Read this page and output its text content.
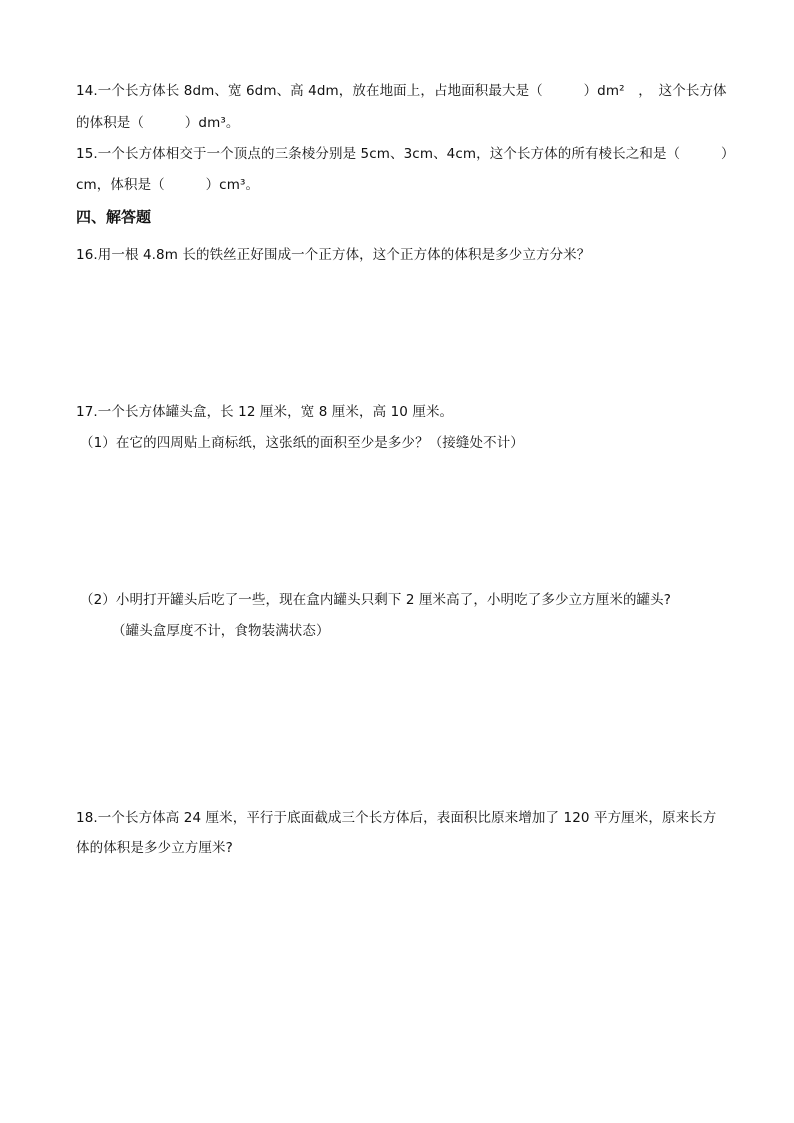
14.一个长方体长 8dm、宽 6dm、高 4dm，放在地面上，占地面积最大是（　　　）dm²　，　这个长方体
的体积是（　　　）dm³。
15.一个长方体相交于一个顶点的三条棱分别是 5cm、3cm、4cm，这个长方体的所有棱长之和是（　　　）
cm，体积是（　　　）cm³。
四、解答题
16.用一根 4.8m 长的铁丝正好围成一个正方体，这个正方体的体积是多少立方分米？
17.一个长方体罐头盒，长 12 厘米，宽 8 厘米，高 10 厘米。
（1）在它的四周贴上商标纸，这张纸的面积至少是多少？（接缝处不计）
（2）小明打开罐头后吃了一些，现在盒内罐头只剩下 2 厘米高了，小明吃了多少立方厘米的罐头?
（罐头盒厚度不计，食物装满状态）
18.一个长方体高 24 厘米，平行于底面截成三个长方体后，表面积比原来增加了 120 平方厘米，原来长方
体的体积是多少立方厘米?
